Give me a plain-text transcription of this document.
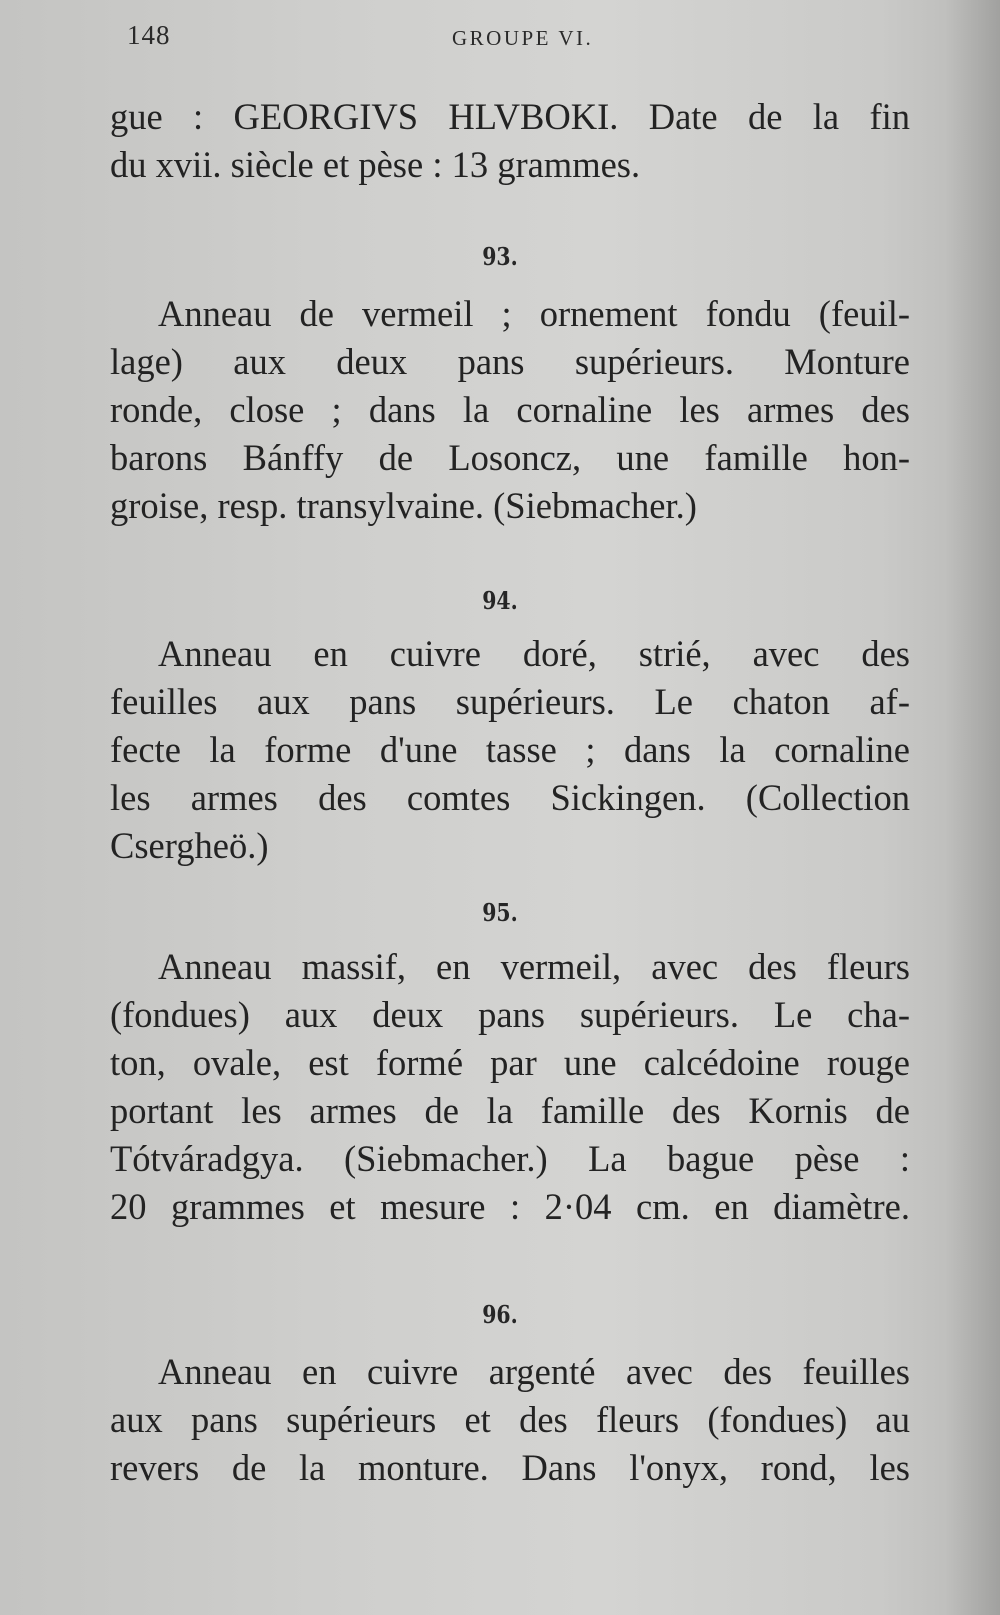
148	GROUPE VI.

gue : GEORGIVS HLVBOKI. Date de la fin

du xvii. siècle et pèse : 13 grammes.

93.

Anneau de vermeil ; ornement fondu (feuil-

lage) aux deux pans supérieurs. Monture

ronde, close ; dans la cornaline les armes des

barons Bánffy de Losoncz, une famille hon-

groise, resp. transylvaine. (Siebmacher.)

94.

Anneau en cuivre doré, strié, avec des

feuilles aux pans supérieurs. Le chaton af-

fecte la forme d'une tasse ; dans la cornaline

les armes des comtes Sickingen. (Collection

Csergheö.)

95.

Anneau massif, en vermeil, avec des fleurs

(fondues) aux deux pans supérieurs. Le cha-

ton, ovale, est formé par une calcédoine rouge

portant les armes de la famille des Kornis de

Tótváradgya. (Siebmacher.) La bague pèse :

20 grammes et mesure : 2·04 cm. en diamètre.

96.

Anneau en cuivre argenté avec des feuilles

aux pans supérieurs et des fleurs (fondues) au

revers de la monture. Dans l'onyx, rond, les
